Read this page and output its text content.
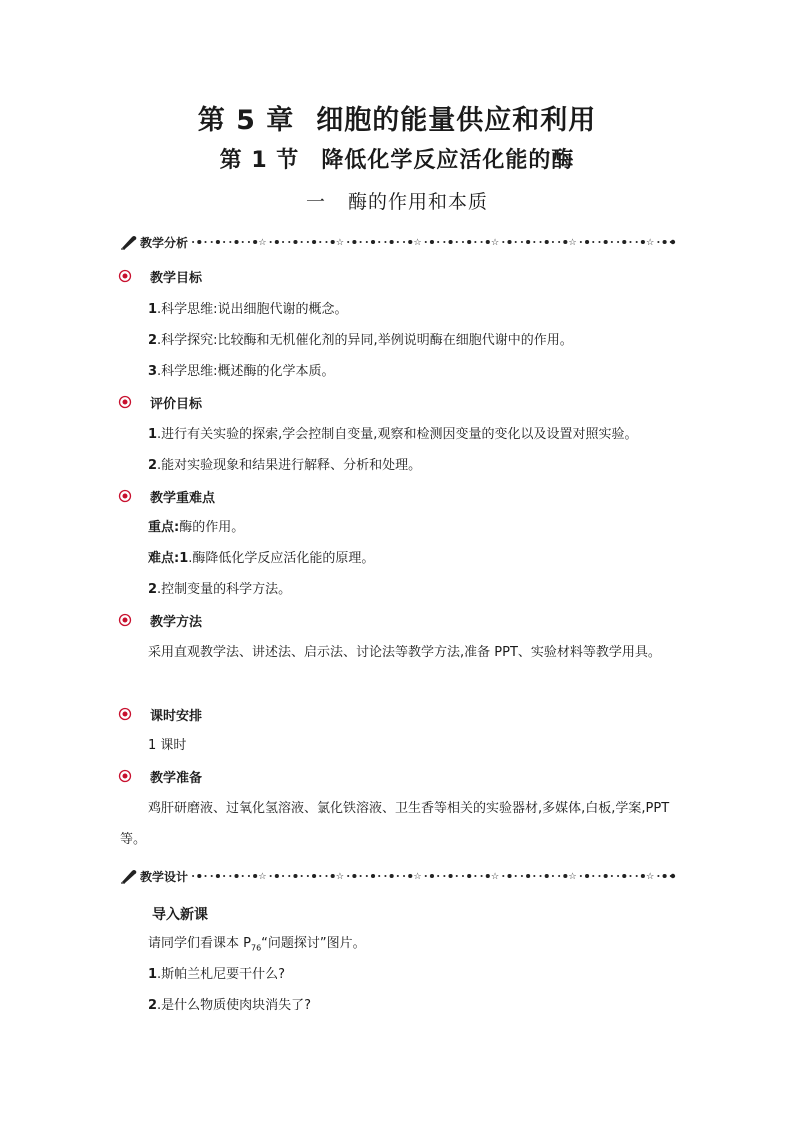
第 5 章 细胞的能量供应和利用
第 1 节 降低化学反应活化能的酶
一 酶的作用和本质
教学分析	☆	☆	☆	☆	☆	☆
教学目标
1.科学思维:说出细胞代谢的概念。
2.科学探究:比较酶和无机催化剂的异同,举例说明酶在细胞代谢中的作用。
3.科学思维:概述酶的化学本质。
评价目标
1.进行有关实验的探索,学会控制自变量,观察和检测因变量的变化以及设置对照实验。
2.能对实验现象和结果进行解释、分析和处理。
教学重难点
重点:酶的作用。
难点:1.酶降低化学反应活化能的原理。
2.控制变量的科学方法。
教学方法
采用直观教学法、讲述法、启示法、讨论法等教学方法,准备 PPT、实验材料等教学用具。
课时安排
1 课时
教学准备
鸡肝研磨液、过氧化氢溶液、氯化铁溶液、卫生香等相关的实验器材,多媒体,白板,学案,PPT 等。
教学设计	☆	☆	☆	☆	☆	☆
导入新课
请同学们看课本 $P_{76}“$问题探讨”图片。
1.斯帕兰札尼要干什么?
2.是什么物质使肉块消失了?
